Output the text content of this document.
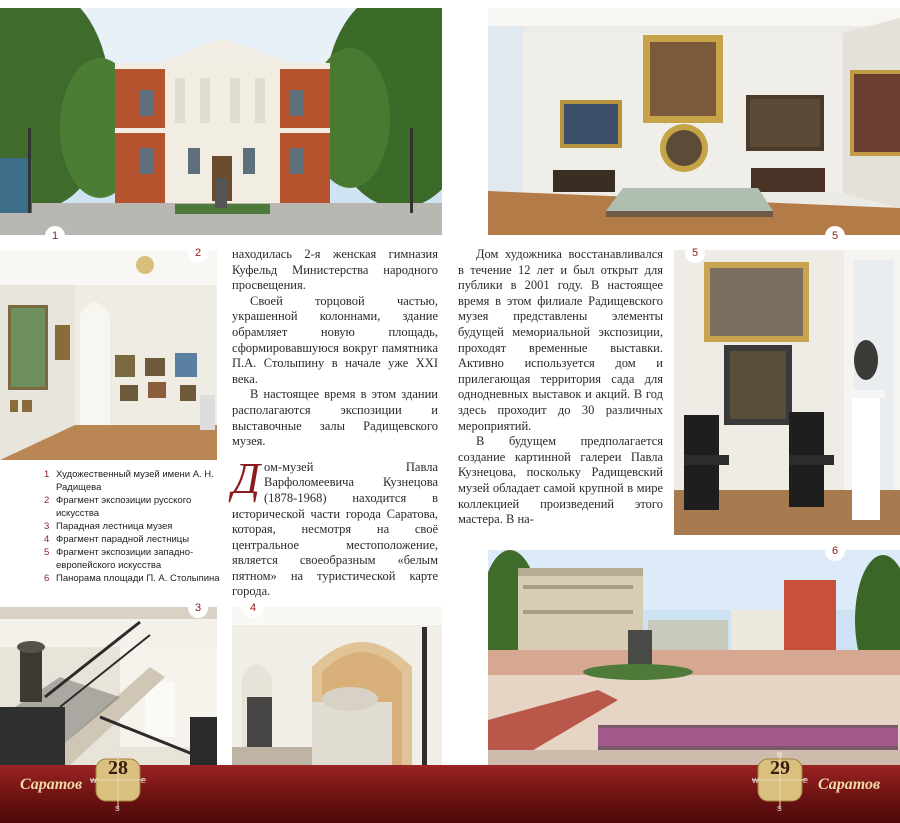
1
2
1 Художественный музей имени А. Н. Радищева
2 Фрагмент экспозиции русского искусства
3 Парадная лестница музея
4 Фрагмент парадной лестницы
5 Фрагмент экспозиции западно-европейского искусства
6 Панорама площади П. А. Столыпина

находилась 2-я женская гимназия Куфельд Министерства народного просвещения.

Своей торцовой частью, украшенной колоннами, здание обрамляет новую площадь, сформировавшуюся вокруг памятника П.А. Столыпину в начале уже XXI века.

В настоящее время в этом здании располагаются экспозиции и выставочные залы Радищевского музея.

Дом-музей Павла Варфоломеевича Кузнецова (1878-1968) находится в исторической части города Саратова, которая, несмотря на своё центральное местоположение, является своеобразным «белым пятном» на туристической карте города.

3	4
5

Дом художника восстанавливался в течение 12 лет и был открыт для публики в 2001 году. В настоящее время в этом филиале Радищевского музея представлены элементы будущей мемориальной экспозиции, проходят временные выставки. Активно используется дом и прилегающая территория сада для однодневных выставок и акций. В год здесь проходит до 30 различных мероприятий.

В будущем предполагается создание картинной галереи Павла Кузнецова, поскольку Радищевский музей обладает самой крупной в мире коллекцией произведений этого мастера. В на-

5
6
Саратов
N
S
W	E
28
N
S
W	E
29
Саратов
